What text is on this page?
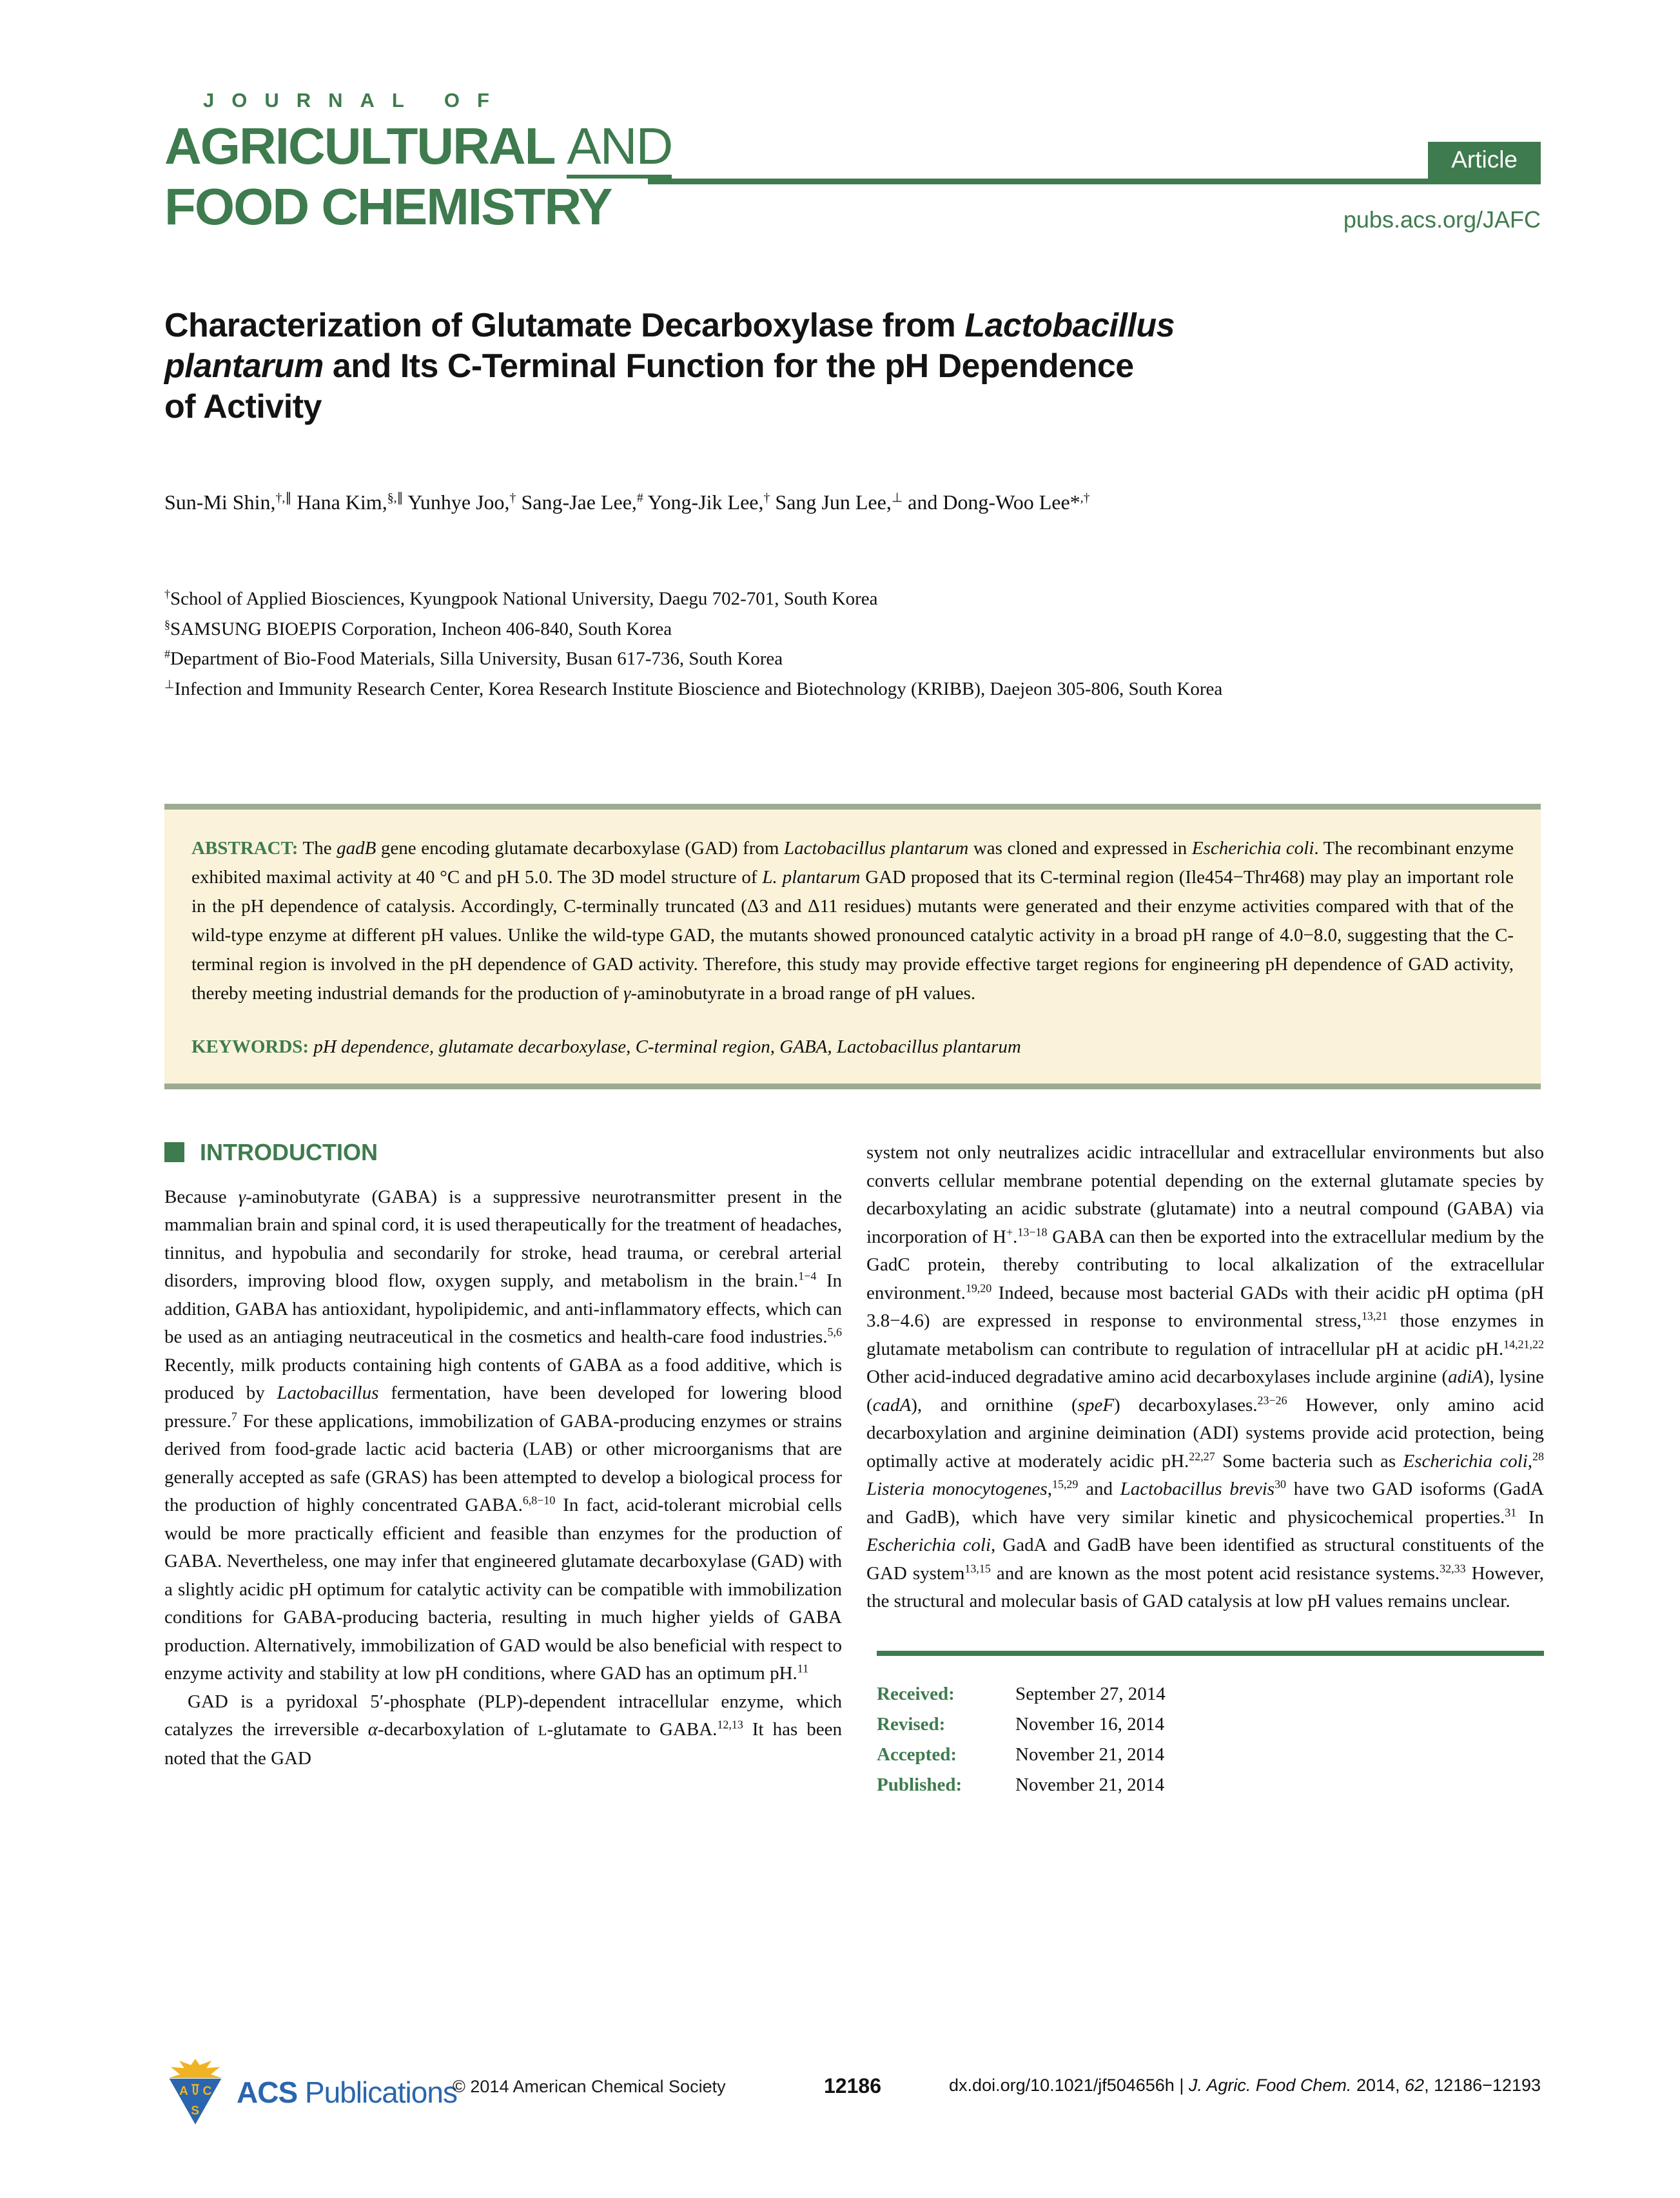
JOURNAL OF
AGRICULTURAL AND
FOOD CHEMISTRY
Article
pubs.acs.org/JAFC
Characterization of Glutamate Decarboxylase from Lactobacillus
plantarum and Its C-Terminal Function for the pH Dependence
of Activity
Sun-Mi Shin,†,∥ Hana Kim,§,∥ Yunhye Joo,† Sang-Jae Lee,# Yong-Jik Lee,† Sang Jun Lee,⊥ and Dong-Woo Lee*,†
†School of Applied Biosciences, Kyungpook National University, Daegu 702-701, South Korea
§SAMSUNG BIOEPIS Corporation, Incheon 406-840, South Korea
#Department of Bio-Food Materials, Silla University, Busan 617-736, South Korea
⊥Infection and Immunity Research Center, Korea Research Institute Bioscience and Biotechnology (KRIBB), Daejeon 305-806, South Korea

ABSTRACT: The gadB gene encoding glutamate decarboxylase (GAD) from Lactobacillus plantarum was cloned and expressed in Escherichia coli. The recombinant enzyme exhibited maximal activity at 40 °C and pH 5.0. The 3D model structure of L. plantarum GAD proposed that its C-terminal region (Ile454−Thr468) may play an important role in the pH dependence of catalysis. Accordingly, C-terminally truncated (Δ3 and Δ11 residues) mutants were generated and their enzyme activities compared with that of the wild-type enzyme at different pH values. Unlike the wild-type GAD, the mutants showed pronounced catalytic activity in a broad pH range of 4.0−8.0, suggesting that the C-terminal region is involved in the pH dependence of GAD activity. Therefore, this study may provide effective target regions for engineering pH dependence of GAD activity, thereby meeting industrial demands for the production of γ-aminobutyrate in a broad range of pH values.

KEYWORDS: pH dependence, glutamate decarboxylase, C-terminal region, GABA, Lactobacillus plantarum

INTRODUCTION

Because γ-aminobutyrate (GABA) is a suppressive neurotransmitter present in the mammalian brain and spinal cord, it is used therapeutically for the treatment of headaches, tinnitus, and hypobulia and secondarily for stroke, head trauma, or cerebral arterial disorders, improving blood flow, oxygen supply, and metabolism in the brain.$^{1-4}$ In addition, GABA has antioxidant, hypolipidemic, and anti-inflammatory effects, which can be used as an antiaging neutraceutical in the cosmetics and health-care food industries.$^{5,6}$ Recently, milk products containing high contents of GABA as a food additive, which is produced by Lactobacillus fermentation, have been developed for lowering blood pressure.$^7$ For these applications, immobilization of GABA-producing enzymes or strains derived from food-grade lactic acid bacteria (LAB) or other microorganisms that are generally accepted as safe (GRAS) has been attempted to develop a biological process for the production of highly concentrated GABA.$^{6,8-10}$ In fact, acid-tolerant microbial cells would be more practically efficient and feasible than enzymes for the production of GABA. Nevertheless, one may infer that engineered glutamate decarboxylase (GAD) with a slightly acidic pH optimum for catalytic activity can be compatible with immobilization conditions for GABA-producing bacteria, resulting in much higher yields of GABA production. Alternatively, immobilization of GAD would be also beneficial with respect to enzyme activity and stability at low pH conditions, where GAD has an optimum pH.$^{11}$

GAD is a pyridoxal 5′-phosphate (PLP)-dependent intracellular enzyme, which catalyzes the irreversible α-decarboxylation of L-glutamate to GABA.$^{12,13}$ It has been noted that the GAD

system not only neutralizes acidic intracellular and extracellular environments but also converts cellular membrane potential depending on the external glutamate species by decarboxylating an acidic substrate (glutamate) into a neutral compound (GABA) via incorporation of H+.$^{13-18}$ GABA can then be exported into the extracellular medium by the GadC protein, thereby contributing to local alkalization of the extracellular environment.$^{19,20}$ Indeed, because most bacterial GADs with their acidic pH optima (pH 3.8−4.6) are expressed in response to environmental stress,$^{13,21}$ those enzymes in glutamate metabolism can contribute to regulation of intracellular pH at acidic pH.$^{14,21,22}$ Other acid-induced degradative amino acid decarboxylases include arginine (adiA), lysine (cadA), and ornithine (speF) decarboxylases.$^{23-26}$ However, only amino acid decarboxylation and arginine deimination (ADI) systems provide acid protection, being optimally active at moderately acidic pH.$^{22,27}$ Some bacteria such as Escherichia coli,$^{28}$ Listeria monocytogenes,$^{15,29}$ and Lactobacillus brevis$^{30}$ have two GAD isoforms (GadA and GadB), which have very similar kinetic and physicochemical properties.$^{31}$ In Escherichia coli, GadA and GadB have been identified as structural constituents of the GAD system$^{13,15}$ and are known as the most potent acid resistance systems.$^{32,33}$ However, the structural and molecular basis of GAD catalysis at low pH values remains unclear.

Received:	September 27, 2014
Revised:	November 16, 2014
Accepted:	November 21, 2014
Published:	November 21, 2014
A C
S
ACS Publications
© 2014 American Chemical Society	12186	dx.doi.org/10.1021/jf504656h | J. Agric. Food Chem. 2014, 62, 12186−12193
